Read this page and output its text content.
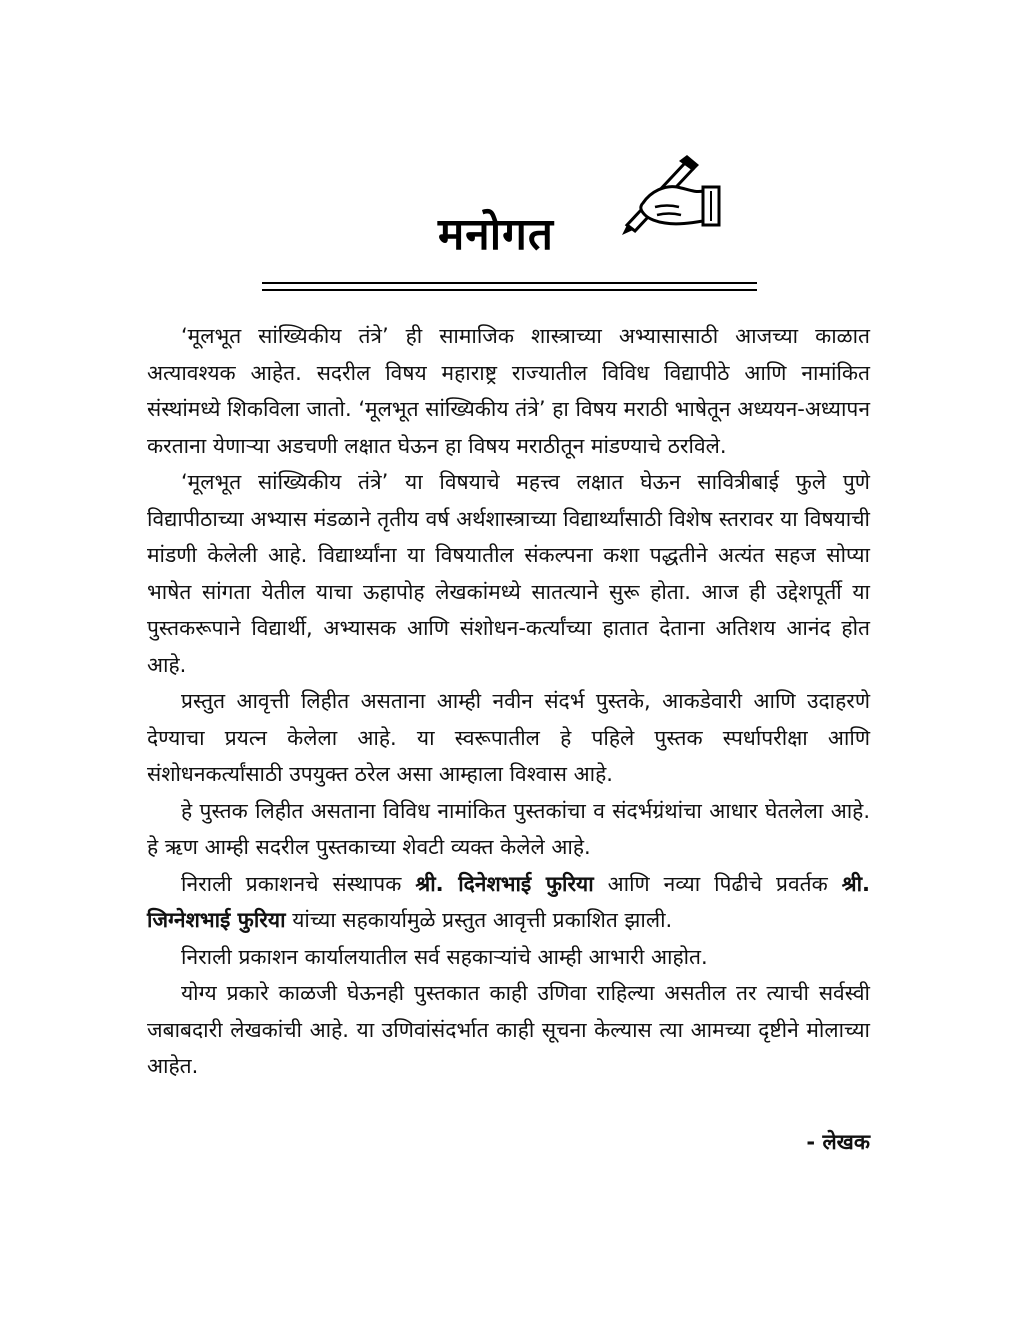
मनोगत

‘मूलभूत सांख्यिकीय तंत्रे’ ही सामाजिक शास्त्राच्या अभ्यासासाठी आजच्या काळात अत्यावश्यक आहेत. सदरील विषय महाराष्ट्र राज्यातील विविध विद्यापीठे आणि नामांकित संस्थांमध्ये शिकविला जातो. ‘मूलभूत सांख्यिकीय तंत्रे’ हा विषय मराठी भाषेतून अध्ययन-अध्यापन करताना येणाऱ्या अडचणी लक्षात घेऊन हा विषय मराठीतून मांडण्याचे ठरविले.

‘मूलभूत सांख्यिकीय तंत्रे’ या विषयाचे महत्त्व लक्षात घेऊन सावित्रीबाई फुले पुणे विद्यापीठाच्या अभ्यास मंडळाने तृतीय वर्ष अर्थशास्त्राच्या विद्यार्थ्यांसाठी विशेष स्तरावर या विषयाची मांडणी केलेली आहे. विद्यार्थ्यांना या विषयातील संकल्पना कशा पद्धतीने अत्यंत सहज सोप्या भाषेत सांगता येतील याचा ऊहापोह लेखकांमध्ये सातत्याने सुरू होता. आज ही उद्देशपूर्ती या पुस्तकरूपाने विद्यार्थी, अभ्यासक आणि संशोधन-कर्त्यांच्या हातात देताना अतिशय आनंद होत आहे.

प्रस्तुत आवृत्ती लिहीत असताना आम्ही नवीन संदर्भ पुस्तके, आकडेवारी आणि उदाहरणे देण्याचा प्रयत्न केलेला आहे. या स्वरूपातील हे पहिले पुस्तक स्पर्धापरीक्षा आणि संशोधनकर्त्यांसाठी उपयुक्त ठरेल असा आम्हाला विश्वास आहे.

हे पुस्तक लिहीत असताना विविध नामांकित पुस्तकांचा व संदर्भग्रंथांचा आधार घेतलेला आहे. हे ऋण आम्ही सदरील पुस्तकाच्या शेवटी व्यक्त केलेले आहे.

निराली प्रकाशनचे संस्थापक श्री. दिनेशभाई फुरिया आणि नव्या पिढीचे प्रवर्तक श्री. जिग्नेशभाई फुरिया यांच्या सहकार्यामुळे प्रस्तुत आवृत्ती प्रकाशित झाली.

निराली प्रकाशन कार्यालयातील सर्व सहकाऱ्यांचे आम्ही आभारी आहोत.

योग्य प्रकारे काळजी घेऊनही पुस्तकात काही उणिवा राहिल्या असतील तर त्याची सर्वस्वी जबाबदारी लेखकांची आहे. या उणिवांसंदर्भात काही सूचना केल्यास त्या आमच्या दृष्टीने मोलाच्या आहेत.

- लेखक
